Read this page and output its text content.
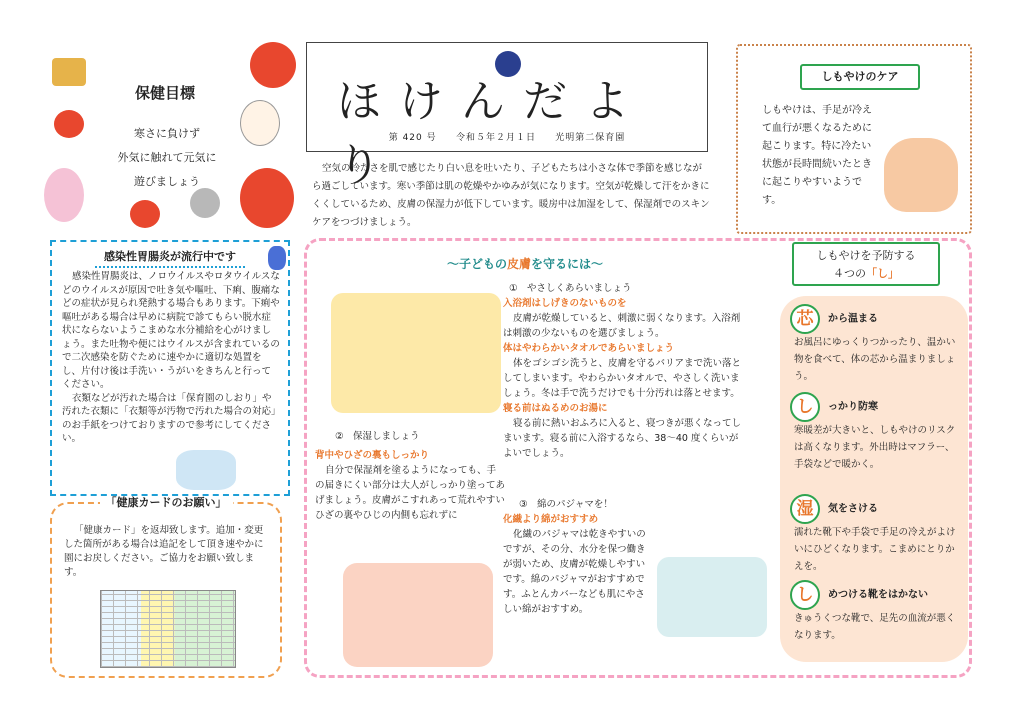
保健目標
寒さに負けず
外気に触れて元気に
遊びましょう
ほけんだより
第 420 号 令和５年２月１日 光明第二保育園
空気の冷たさを肌で感じたり白い息を吐いたり、子どもたちは小さな体で季節を感じながら過ごしています。寒い季節は肌の乾燥やかゆみが気になります。空気が乾燥して汗をかきにくくしているため、皮膚の保湿力が低下しています。暖房中は加湿をして、保湿剤でのスキンケアをつづけましょう。
しもやけのケア
しもやけは、手足が冷えて血行が悪くなるために起こります。特に冷たい状態が長時間続いたときに起こりやすいようです。
感染性胃腸炎が流行中です

感染性胃腸炎は、ノロウイルスやロタウイルスなどのウイルスが原因で吐き気や嘔吐、下痢、腹痛などの症状が見られ発熱する場合もあります。下痢や嘔吐がある場合は早めに病院で診てもらい脱水症状にならないようこまめな水分補給を心がけましょう。また吐物や便にはウイルスが含まれているので二次感染を防ぐために速やかに適切な処置をし、片付け後は手洗い・うがいをきちんと行ってください。

衣類などが汚れた場合は「保育園のしおり」や汚れた衣類に「衣類等が汚物で汚れた場合の対応」のお手紙をつけておりますので参考にしてください。

「健康カードのお願い」
「健康カード」を返却致します。追加・変更した箇所がある場合は追記をして頂き速やかに園にお戻しください。ご協力をお願い致します。
～子どもの皮膚を守るには～
①　やさしくあらいましょう
入浴剤はしげきのないものを
皮膚が乾燥していると、刺激に弱くなります。入浴剤は刺激の少ないものを選びましょう。
体はやわらかいタオルであらいましょう
体をゴシゴシ洗うと、皮膚を守るバリアまで洗い落としてしまいます。やわらかいタオルで、やさしく洗いましょう。冬は手で洗うだけでも十分汚れは落とせます。
寝る前はぬるめのお湯に
寝る前に熱いおふろに入ると、寝つきが悪くなってしまいます。寝る前に入浴するなら、38～40 度くらいがよいでしょう。
②　保湿しましょう
背中やひざの裏もしっかり
自分で保湿剤を塗るようになっても、手の届きにくい部分は大人がしっかり塗ってあげましょう。皮膚がこすれあって荒れやすいひざの裏やひじの内側も忘れずに
③　綿のパジャマを！
化繊より綿がおすすめ
化繊のパジャマは乾きやすいのですが、その分、水分を保つ働きが弱いため、皮膚が乾燥しやすいです。綿のパジャマがおすすめです。ふとんカバーなども肌にやさしい綿がおすすめ。
しもやけを予防する
４つの「し」
芯 から温まる
お風呂にゆっくりつかったり、温かい物を食べて、体の芯から温まりましょう。
し っかり防寒
寒暖差が大きいと、しもやけのリスクは高くなります。外出時はマフラー、手袋などで暖かく。
湿 気をさける
濡れた靴下や手袋で手足の冷えがよけいにひどくなります。こまめにとりかえを。
し めつける靴をはかない
きゅうくつな靴で、足先の血流が悪くなります。
